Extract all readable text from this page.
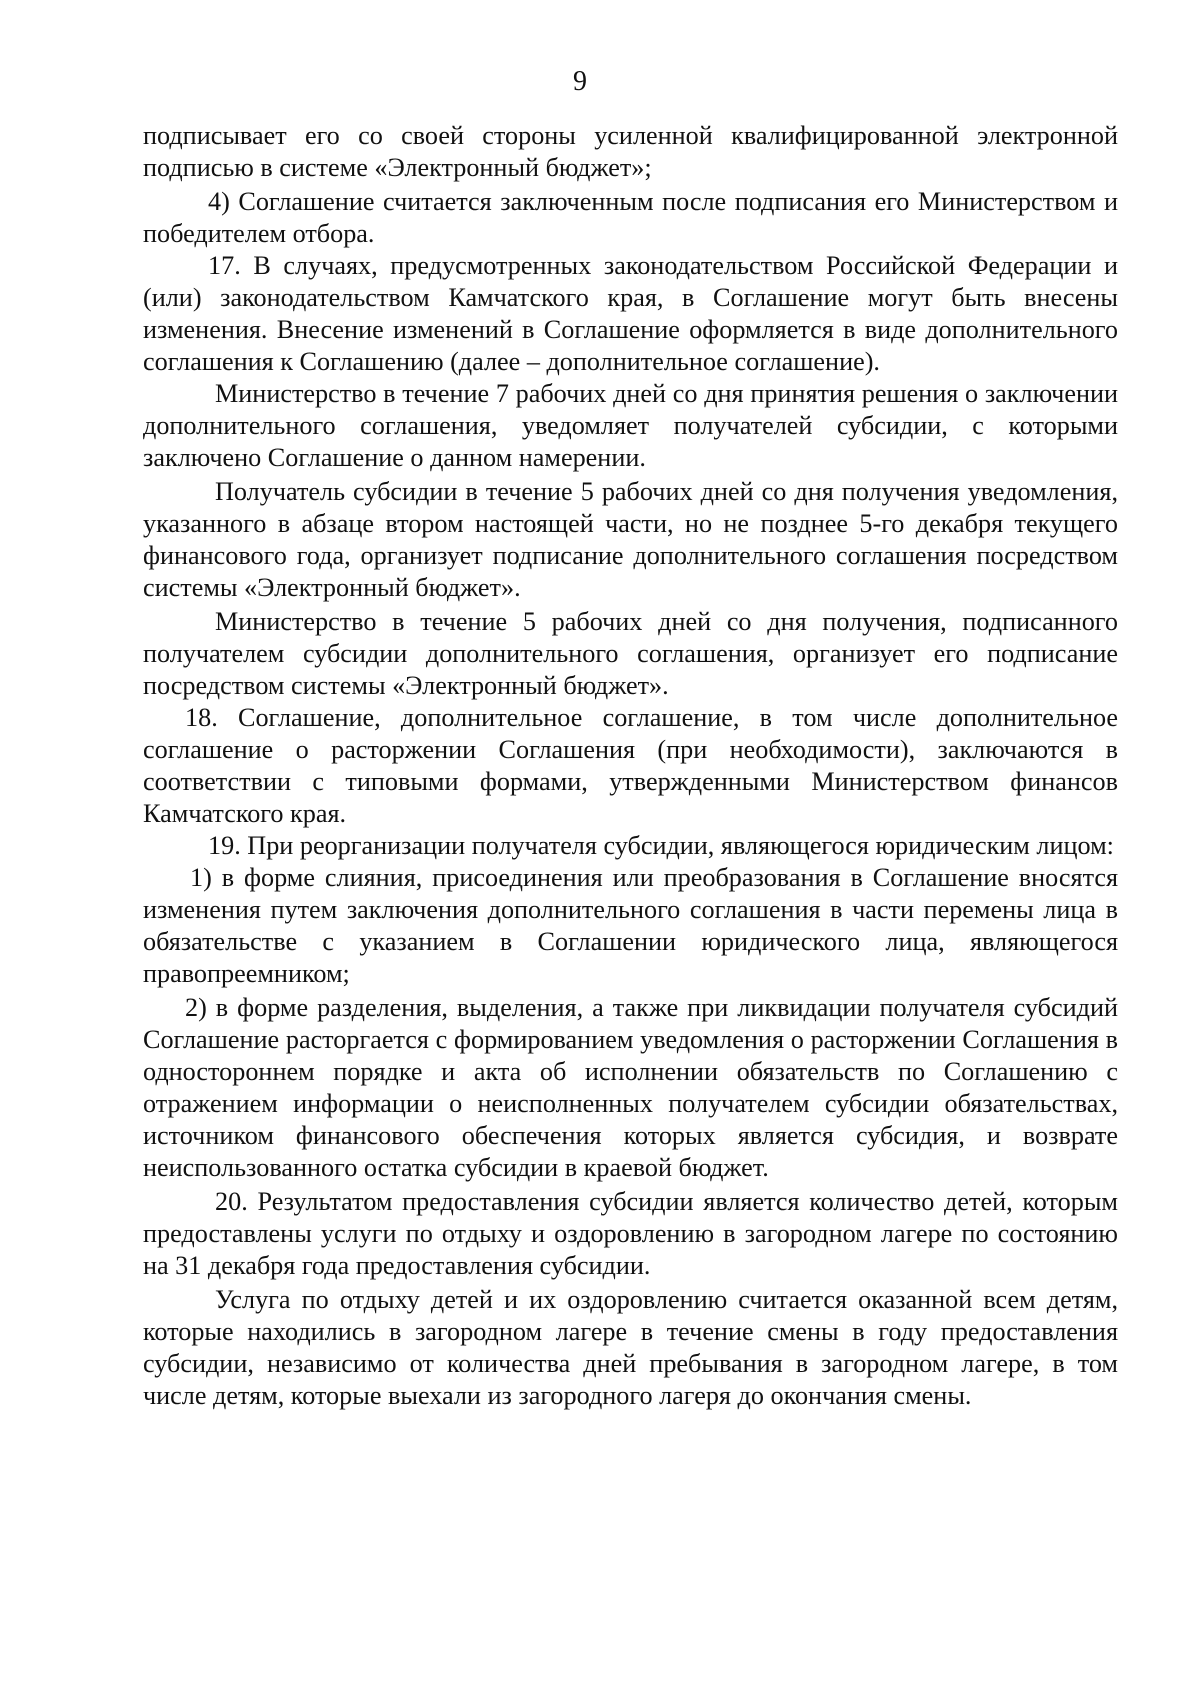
9

подписывает его со своей стороны усиленной квалифицированной электронной подписью в системе «Электронный бюджет»;

4) Соглашение считается заключенным после подписания его Министерством и победителем отбора.

17. В случаях, предусмотренных законодательством Российской Федерации и (или) законодательством Камчатского края, в Соглашение могут быть внесены изменения. Внесение изменений в Соглашение оформляется в виде дополнительного соглашения к Соглашению (далее – дополнительное соглашение).

Министерство в течение 7 рабочих дней со дня принятия решения о заключении дополнительного соглашения, уведомляет получателей субсидии, с которыми заключено Соглашение о данном намерении.

Получатель субсидии в течение 5 рабочих дней со дня получения уведомления, указанного в абзаце втором настоящей части, но не позднее 5-го декабря текущего финансового года, организует подписание дополнительного соглашения посредством системы «Электронный бюджет».

Министерство в течение 5 рабочих дней со дня получения, подписанного получателем субсидии дополнительного соглашения, организует его подписание посредством системы «Электронный бюджет».

18. Соглашение, дополнительное соглашение, в том числе дополнительное соглашение о расторжении Соглашения (при необходимости), заключаются в соответствии с типовыми формами, утвержденными Министерством финансов Камчатского края.

19. При реорганизации получателя субсидии, являющегося юридическим лицом:

1) в форме слияния, присоединения или преобразования в Соглашение вносятся изменения путем заключения дополнительного соглашения в части перемены лица в обязательстве с указанием в Соглашении юридического лица, являющегося правопреемником;

2) в форме разделения, выделения, а также при ликвидации получателя субсидий Соглашение расторгается с формированием уведомления о расторжении Соглашения в одностороннем порядке и акта об исполнении обязательств по Соглашению с отражением информации о неисполненных получателем субсидии обязательствах, источником финансового обеспечения которых является субсидия, и возврате неиспользованного остатка субсидии в краевой бюджет.

20. Результатом предоставления субсидии является количество детей, которым предоставлены услуги по отдыху и оздоровлению в загородном лагере по состоянию на 31 декабря года предоставления субсидии.

Услуга по отдыху детей и их оздоровлению считается оказанной всем детям, которые находились в загородном лагере в течение смены в году предоставления субсидии, независимо от количества дней пребывания в загородном лагере, в том числе детям, которые выехали из загородного лагеря до окончания смены.
